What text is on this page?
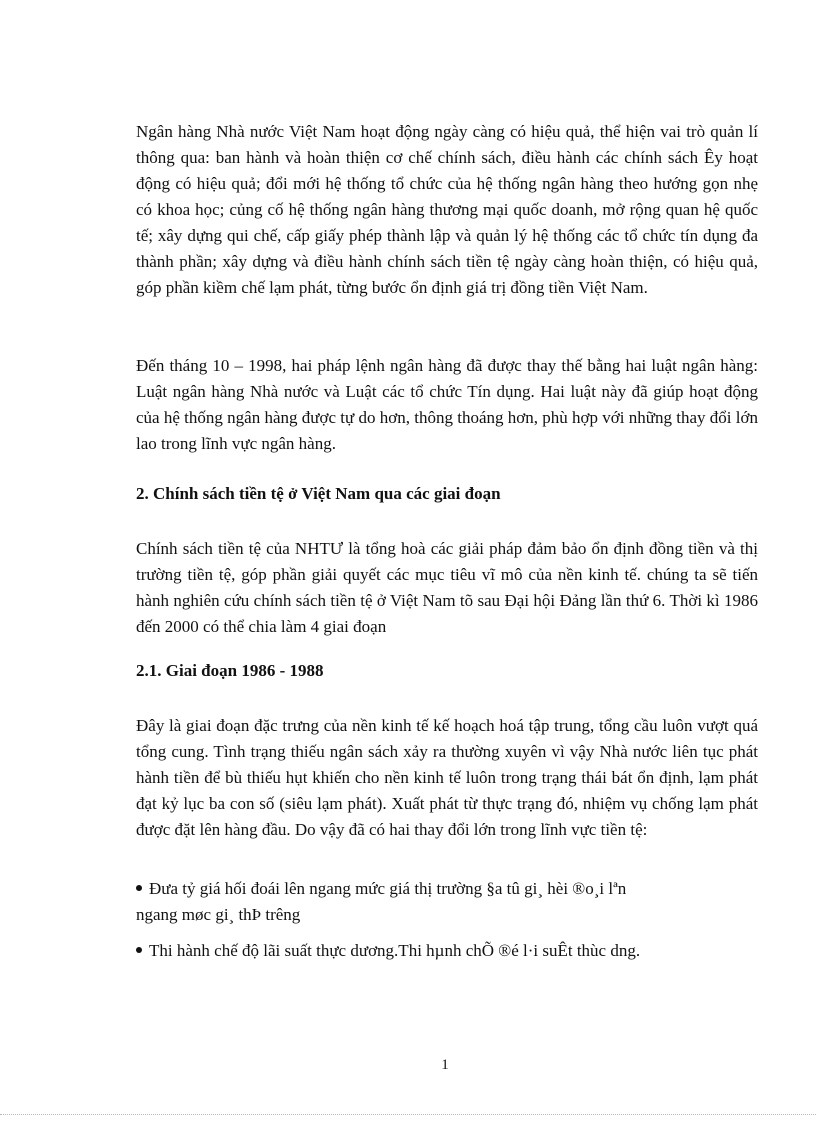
Ngân hàng Nhà nước Việt Nam hoạt động ngày càng có hiệu quả, thể hiện vai trò quản lí thông qua: ban hành và hoàn thiện cơ chế chính sách, điều hành các chính sách Êy hoạt động có hiệu quả; đổi mới hệ thống tổ chức của hệ thống ngân hàng theo hướng gọn nhẹ có khoa học; củng cố hệ thống ngân hàng thương mại quốc doanh, mở rộng quan hệ quốc tế; xây dựng qui chế, cấp giấy phép thành lập và quản lý hệ thống các tổ chức tín dụng đa thành phần; xây dựng và điều hành chính sách tiền tệ ngày càng hoàn thiện, có hiệu quả, góp phần kiềm chế lạm phát, từng bước ổn định giá trị đồng tiền Việt Nam.

Đến tháng 10 – 1998, hai pháp lệnh ngân hàng đã được thay thế bằng hai luật ngân hàng: Luật ngân hàng Nhà nước và Luật các tổ chức Tín dụng. Hai luật này đã giúp hoạt động của hệ thống ngân hàng được tự do hơn, thông thoáng hơn, phù hợp với những thay đổi lớn lao trong lĩnh vực ngân hàng.

2. Chính sách tiền tệ ở Việt Nam qua các giai đoạn

Chính sách tiền tệ của NHTƯ là tổng hoà các giải pháp đảm bảo ổn định đồng tiền và thị trường tiền tệ, góp phần giải quyết các mục tiêu vĩ mô của nền kinh tế. chúng ta sẽ tiến hành nghiên cứu chính sách tiền tệ ở Việt Nam tõ sau Đại hội Đảng lần thứ 6. Thời kì 1986 đến 2000 có thể chia làm 4 giai đoạn

2.1. Giai đoạn 1986 - 1988

Đây là giai đoạn đặc trưng của nền kinh tế kế hoạch hoá tập trung, tổng cầu luôn vượt quá tổng cung. Tình trạng thiếu ngân sách xảy ra thường xuyên vì vậy Nhà nước liên tục phát hành tiền để bù thiếu hụt khiến cho nền kinh tế luôn trong trạng thái bát ổn định, lạm phát đạt kỷ lục ba con số (siêu lạm phát). Xuất phát từ thực trạng đó, nhiệm vụ chống lạm phát được đặt lên hàng đầu. Do vậy đã có hai thay đổi lớn trong lĩnh vực tiền tệ:

Đưa tỷ giá hối đoái lên ngang mức giá thị trường §a tû gi¸ hèi ®o¸i lªn
ngang møc gi¸ thÞ trêng
Thi hành chế độ lãi suất thực dương.Thi hµnh chÕ ®é l·i suÊt thùc dng.
1
